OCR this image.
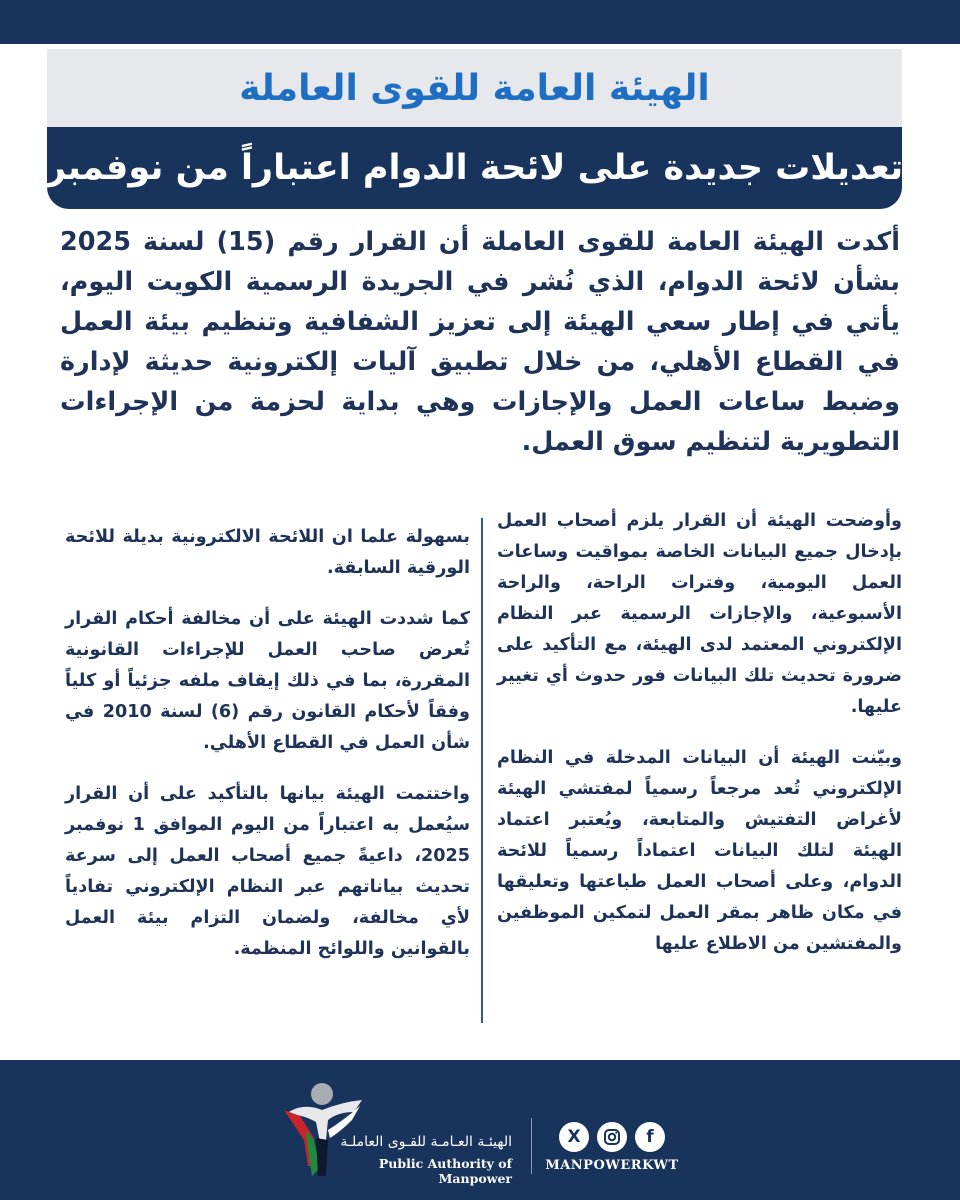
الهيئة العامة للقوى العاملة
تعديلات جديدة على لائحة الدوام اعتباراً من نوفمبر

أكدت الهيئة العامة للقوى العاملة أن القرار رقم (15) لسنة 2025 بشأن لائحة الدوام، الذي نُشر في الجريدة الرسمية الكويت اليوم، يأتي في إطار سعي الهيئة إلى تعزيز الشفافية وتنظيم بيئة العمل في القطاع الأهلي، من خلال تطبيق آليات إلكترونية حديثة لإدارة وضبط ساعات العمل والإجازات وهي بداية لحزمة من الإجراءات التطويرية لتنظيم سوق العمل.

وأوضحت الهيئة أن القرار يلزم أصحاب العمل بإدخال جميع البيانات الخاصة بمواقيت وساعات العمل اليومية، وفترات الراحة، والراحة الأسبوعية، والإجازات الرسمية عبر النظام الإلكتروني المعتمد لدى الهيئة، مع التأكيد على ضرورة تحديث تلك البيانات فور حدوث أي تغيير عليها.

وبيّنت الهيئة أن البيانات المدخلة في النظام الإلكتروني تُعد مرجعاً رسمياً لمفتشي الهيئة لأغراض التفتيش والمتابعة، ويُعتبر اعتماد الهيئة لتلك البيانات اعتماداً رسمياً للائحة الدوام، وعلى أصحاب العمل طباعتها وتعليقها في مكان ظاهر بمقر العمل لتمكين الموظفين والمفتشين من الاطلاع عليها

بسهولة علما ان اللائحة الالكترونية بديلة للائحة الورقية السابقة.

كما شددت الهيئة على أن مخالفة أحكام القرار تُعرض صاحب العمل للإجراءات القانونية المقررة، بما في ذلك إيقاف ملفه جزئياً أو كلياً وفقاً لأحكام القانون رقم (6) لسنة 2010 في شأن العمل في القطاع الأهلي.

واختتمت الهيئة بيانها بالتأكيد على أن القرار سيُعمل به اعتباراً من اليوم الموافق 1 نوفمبر 2025، داعيةً جميع أصحاب العمل إلى سرعة تحديث بياناتهم عبر النظام الإلكتروني تفادياً لأي مخالفة، ولضمان التزام بيئة العمل بالقوانين واللوائح المنظمة.

الهيئـة العـامـة للقـوى العاملـة
Public Authority of Manpower
X	f
MANPOWERKWT
